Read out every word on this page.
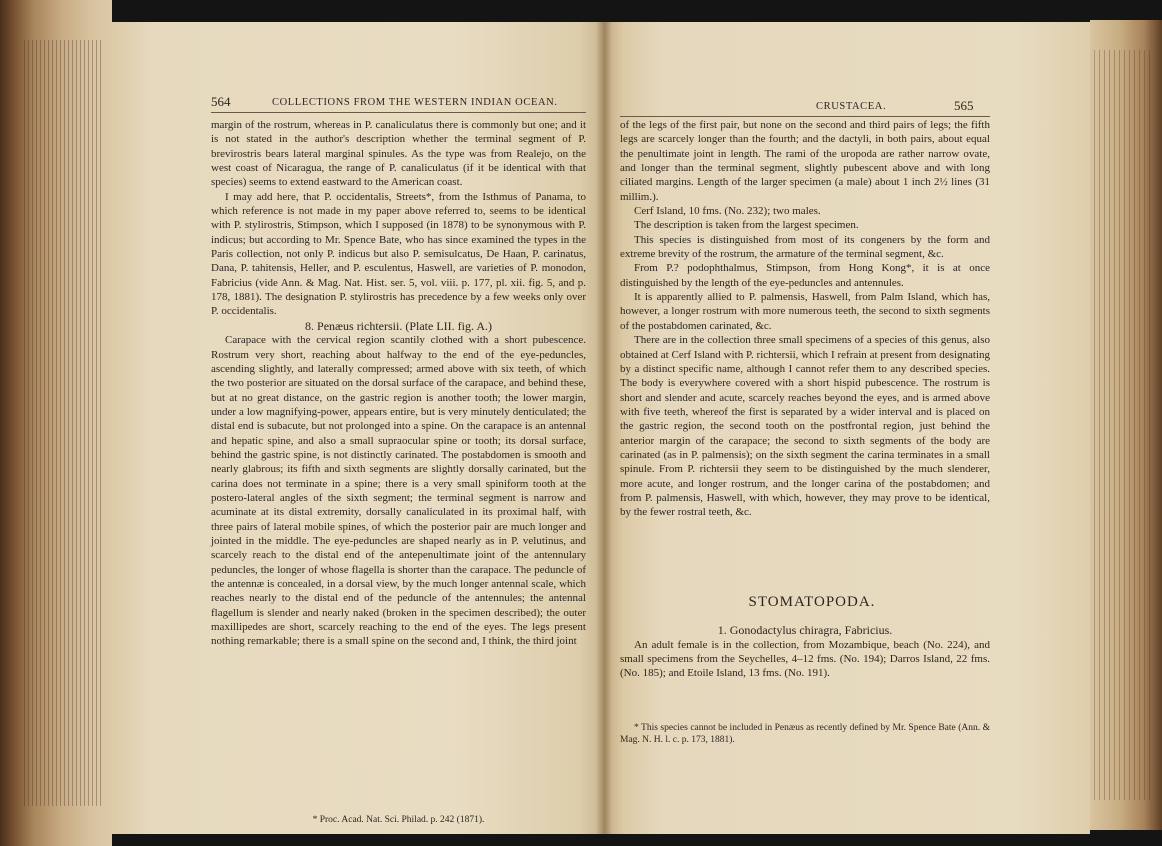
564	COLLECTIONS FROM THE WESTERN INDIAN OCEAN.

margin of the rostrum, whereas in P. canaliculatus there is commonly but one; and it is not stated in the author's description whether the terminal segment of P. brevirostris bears lateral marginal spinules. As the type was from Realejo, on the west coast of Nicaragua, the range of P. canaliculatus (if it be identical with that species) seems to extend eastward to the American coast.

I may add here, that P. occidentalis, Streets*, from the Isthmus of Panama, to which reference is not made in my paper above referred to, seems to be identical with P. stylirostris, Stimpson, which I supposed (in 1878) to be synonymous with P. indicus; but according to Mr. Spence Bate, who has since examined the types in the Paris collection, not only P. indicus but also P. semisulcatus, De Haan, P. carinatus, Dana, P. tahitensis, Heller, and P. esculentus, Haswell, are varieties of P. monodon, Fabricius (vide Ann. & Mag. Nat. Hist. ser. 5, vol. viii. p. 177, pl. xii. fig. 5, and p. 178, 1881). The designation P. stylirostris has precedence by a few weeks only over P. occidentalis.

8. Penæus richtersii. (Plate LII. fig. A.)

Carapace with the cervical region scantily clothed with a short pubescence. Rostrum very short, reaching about halfway to the end of the eye-peduncles, ascending slightly, and laterally compressed; armed above with six teeth, of which the two posterior are situated on the dorsal surface of the carapace, and behind these, but at no great distance, on the gastric region is another tooth; the lower margin, under a low magnifying-power, appears entire, but is very minutely denticulated; the distal end is subacute, but not prolonged into a spine. On the carapace is an antennal and hepatic spine, and also a small supraocular spine or tooth; its dorsal surface, behind the gastric spine, is not distinctly carinated. The postabdomen is smooth and nearly glabrous; its fifth and sixth segments are slightly dorsally carinated, but the carina does not terminate in a spine; there is a very small spiniform tooth at the postero-lateral angles of the sixth segment; the terminal segment is narrow and acuminate at its distal extremity, dorsally canaliculated in its proximal half, with three pairs of lateral mobile spines, of which the posterior pair are much longer and jointed in the middle. The eye-peduncles are shaped nearly as in P. velutinus, and scarcely reach to the distal end of the antepenultimate joint of the antennulary peduncles, the longer of whose flagella is shorter than the carapace. The peduncle of the antennæ is concealed, in a dorsal view, by the much longer antennal scale, which reaches nearly to the distal end of the peduncle of the antennules; the antennal flagellum is slender and nearly naked (broken in the specimen described); the outer maxillipedes are short, scarcely reaching to the end of the eyes. The legs present nothing remarkable; there is a small spine on the second and, I think, the third joint

* Proc. Acad. Nat. Sci. Philad. p. 242 (1871).

CRUSTACEA.	565

of the legs of the first pair, but none on the second and third pairs of legs; the fifth legs are scarcely longer than the fourth; and the dactyli, in both pairs, about equal the penultimate joint in length. The rami of the uropoda are rather narrow ovate, and longer than the terminal segment, slightly pubescent above and with long ciliated margins. Length of the larger specimen (a male) about 1 inch 2½ lines (31 millim.).

Cerf Island, 10 fms. (No. 232); two males.

The description is taken from the largest specimen.

This species is distinguished from most of its congeners by the form and extreme brevity of the rostrum, the armature of the terminal segment, &c.

From P.? podophthalmus, Stimpson, from Hong Kong*, it is at once distinguished by the length of the eye-peduncles and antennules.

It is apparently allied to P. palmensis, Haswell, from Palm Island, which has, however, a longer rostrum with more numerous teeth, the second to sixth segments of the postabdomen carinated, &c.

There are in the collection three small specimens of a species of this genus, also obtained at Cerf Island with P. richtersii, which I refrain at present from designating by a distinct specific name, although I cannot refer them to any described species. The body is everywhere covered with a short hispid pubescence. The rostrum is short and slender and acute, scarcely reaches beyond the eyes, and is armed above with five teeth, whereof the first is separated by a wider interval and is placed on the gastric region, the second tooth on the postfrontal region, just behind the anterior margin of the carapace; the second to sixth segments of the body are carinated (as in P. palmensis); on the sixth segment the carina terminates in a small spinule. From P. richtersii they seem to be distinguished by the much slenderer, more acute, and longer rostrum, and the longer carina of the postabdomen; and from P. palmensis, Haswell, with which, however, they may prove to be identical, by the fewer rostral teeth, &c.

STOMATOPODA.

1. Gonodactylus chiragra, Fabricius.

An adult female is in the collection, from Mozambique, beach (No. 224), and small specimens from the Seychelles, 4–12 fms. (No. 194); Darros Island, 22 fms. (No. 185); and Etoile Island, 13 fms. (No. 191).

* This species cannot be included in Penæus as recently defined by Mr. Spence Bate (Ann. & Mag. N. H. l. c. p. 173, 1881).
